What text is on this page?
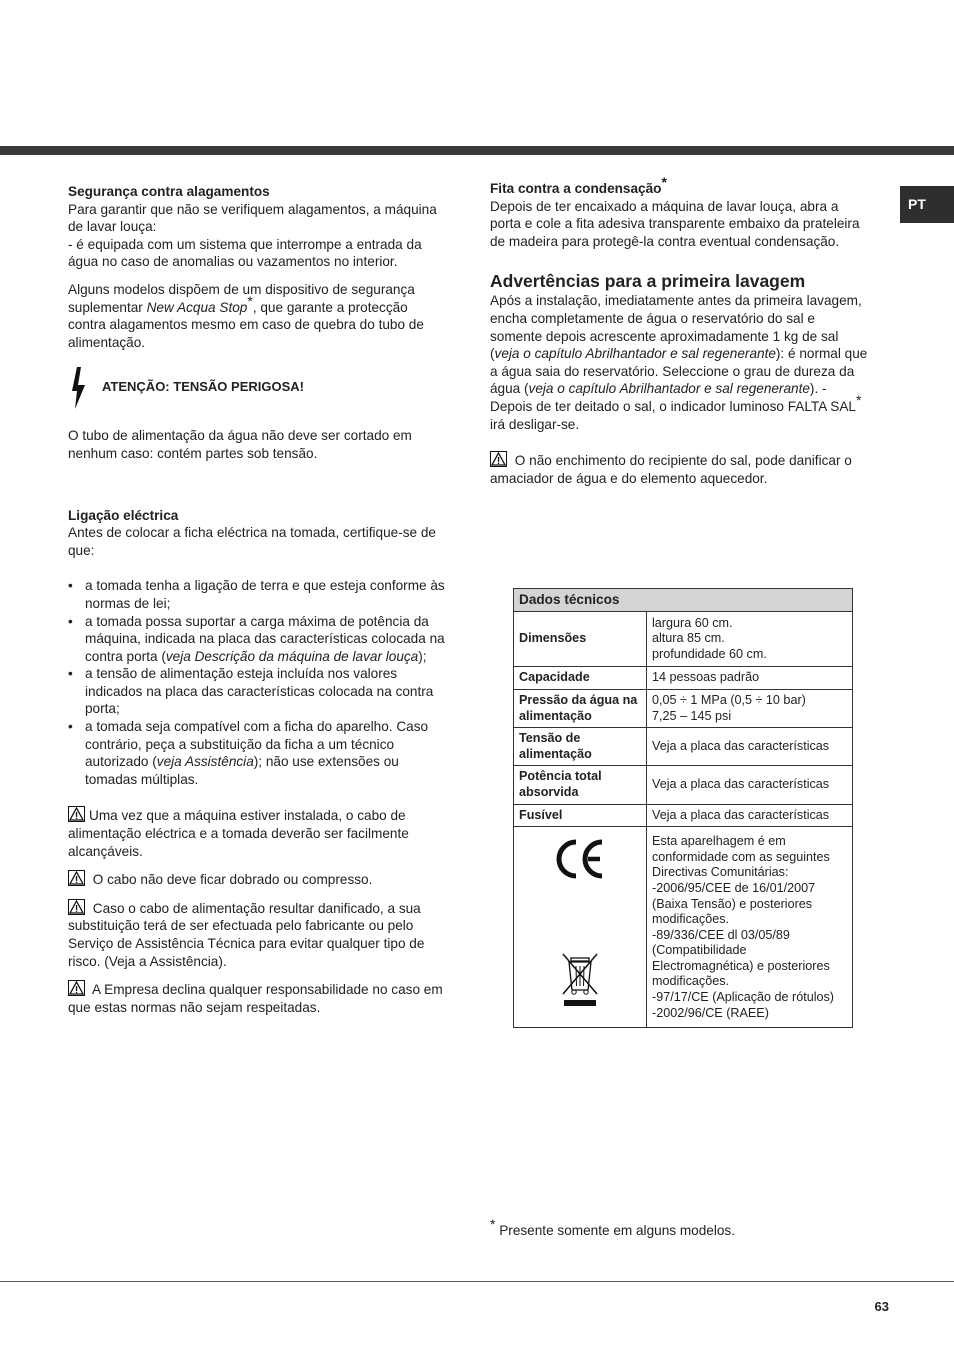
PT

Segurança contra alagamentos

Para garantir que não se verifiquem alagamentos, a máquina de lavar louça:

- é equipada com um sistema que interrompe a entrada da água no caso de anomalias ou vazamentos no interior.

Alguns modelos dispõem de um dispositivo de segurança suplementar New Acqua Stop*, que garante a protecção contra alagamentos mesmo em caso de quebra do tubo de alimentação.

ATENÇÃO: TENSÃO PERIGOSA!

O tubo de alimentação da água não deve ser cortado em nenhum caso: contém partes sob tensão.

Ligação eléctrica

Antes de colocar a ficha eléctrica na tomada, certifique-se de que:

• a tomada tenha a ligação de terra e que esteja conforme às normas de lei;
• a tomada possa suportar a carga máxima de potência da máquina, indicada na placa das características colocada na contra porta (veja Descrição da máquina de lavar louça);
• a tensão de alimentação esteja incluída nos valores indicados na placa das características colocada na contra porta;
• a tomada seja compatível com a ficha do aparelho. Caso contrário, peça a substituição da ficha a um técnico autorizado (veja Assistência); não use extensões ou tomadas múltiplas.

Uma vez que a máquina estiver instalada, o cabo de alimentação eléctrica e a tomada deverão ser facilmente alcançáveis.

O cabo não deve ficar dobrado ou compresso.

Caso o cabo de alimentação resultar danificado, a sua substituição terá de ser efectuada pelo fabricante ou pelo Serviço de Assistência Técnica para evitar qualquer tipo de risco. (Veja a Assistência).

A Empresa declina qualquer responsabilidade no caso em que estas normas não sejam respeitadas.

Fita contra a condensação*

Depois de ter encaixado a máquina de lavar louça, abra a porta e cole a fita adesiva transparente embaixo da prateleira de madeira para protegê-la contra eventual condensação.

Advertências para a primeira lavagem

Após a instalação, imediatamente antes da primeira lavagem, encha completamente de água o reservatório do sal e somente depois acrescente aproximadamente 1 kg de sal (veja o capítulo Abrilhantador e sal regenerante): é normal que a água saia do reservatório. Seleccione o grau de dureza da água (veja o capítulo Abrilhantador e sal regenerante). - Depois de ter deitado o sal, o indicador luminoso FALTA SAL* irá desligar-se.

O não enchimento do recipiente do sal, pode danificar o amaciador de água e do elemento aquecedor.

Dados técnicos	
Dimensões	largura 60 cm.
altura 85 cm.
profundidade 60 cm.

Capacidade	14 pessoas padrão
Pressão da água na alimentação	0,05 ÷ 1 MPa (0,5 ÷ 10 bar)
7,25 – 145 psi

Tensão de alimentação	Veja a placa das características
Potência total absorvida	Veja a placa das características
Fusível	Veja a placa das características

	Esta aparelhagem é em conformidade com as seguintes Directivas Comunitárias:
-2006/95/CEE de 16/01/2007 (Baixa Tensão) e posteriores modificações.
-89/336/CEE dl 03/05/89 (Compatibilidade Electromagnética) e posteriores modificações.
-97/17/CE (Aplicação de rótulos)
-2002/96/CE (RAEE)
* Presente somente em alguns modelos.
63
